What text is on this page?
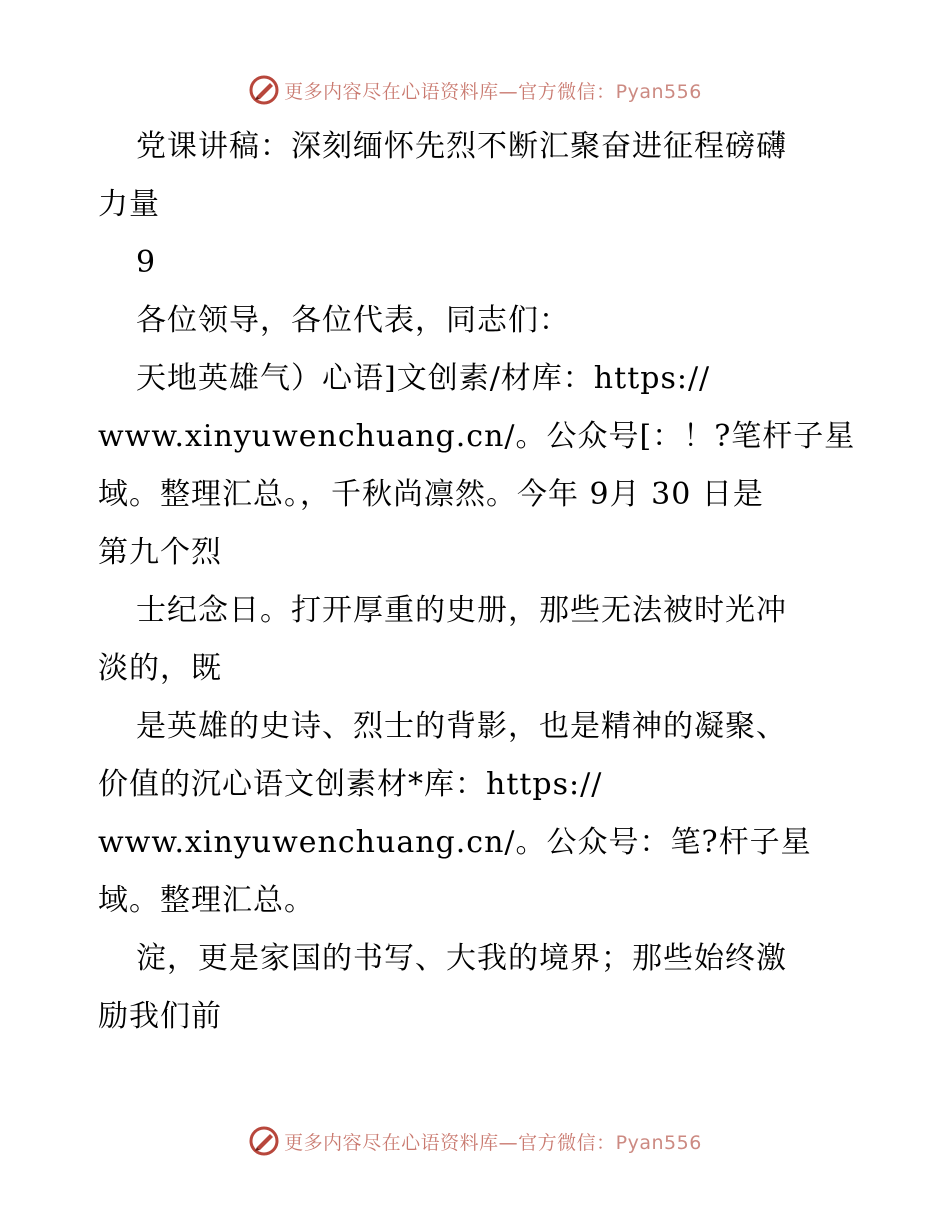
更多内容尽在心语资料库—官方微信：Pyan556
党课讲稿：深刻缅怀先烈不断汇聚奋进征程磅礴
力量
9
各位领导，各位代表，同志们：
天地英雄气）心语]文创素/材库：https://
www.xinyuwenchuang.cn/。公众号[：！?笔杆子星
域。整理汇总。，千秋尚凛然。今年 9月 30 日是
第九个烈
士纪念日。打开厚重的史册，那些无法被时光冲
淡的，既
是英雄的史诗、烈士的背影，也是精神的凝聚、
价值的沉心语文创素材*库：https://
www.xinyuwenchuang.cn/。公众号：笔?杆子星
域。整理汇总。
淀，更是家国的书写、大我的境界；那些始终激
励我们前
更多内容尽在心语资料库—官方微信：Pyan556
